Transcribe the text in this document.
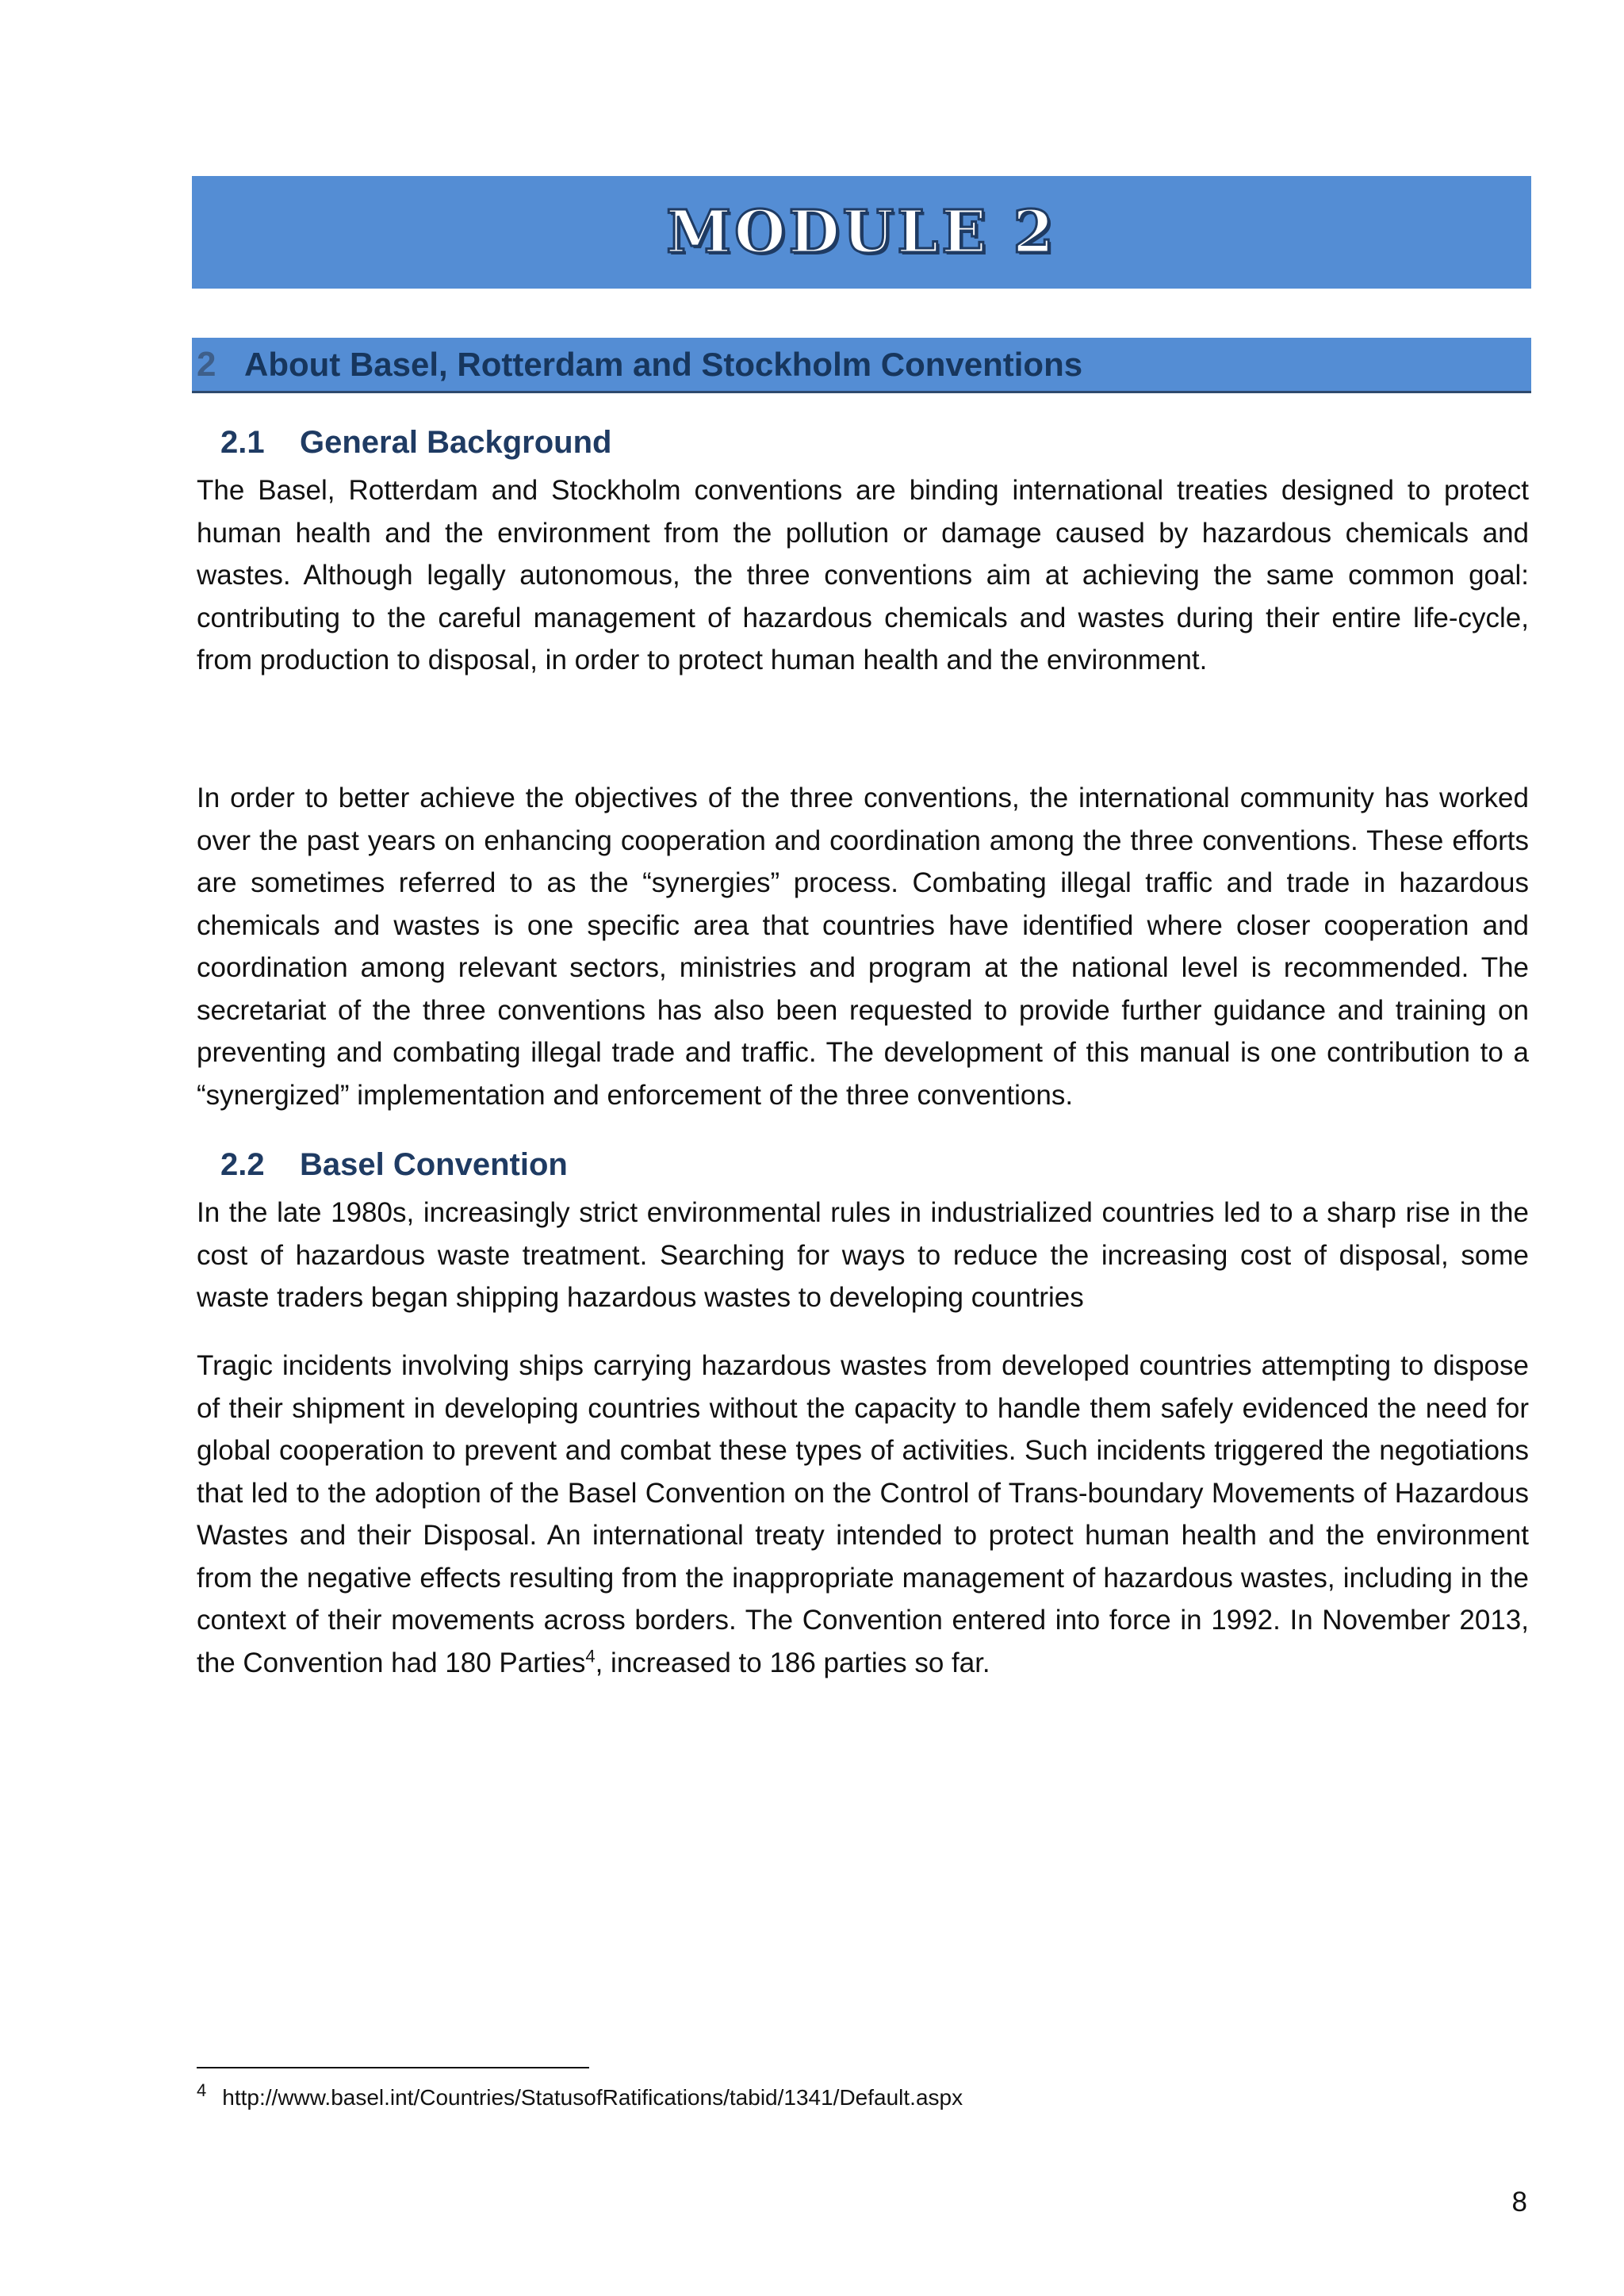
MODULE 2
2 About Basel, Rotterdam and Stockholm Conventions
2.1	General Background

The Basel, Rotterdam and Stockholm conventions are binding international treaties designed to protect human health and the environment from the pollution or damage caused by hazardous chemicals and wastes. Although legally autonomous, the three conventions aim at achieving the same common goal: contributing to the careful management of hazardous chemicals and wastes during their entire life-cycle, from production to disposal, in order to protect human health and the environment.

In order to better achieve the objectives of the three conventions, the international community has worked over the past years on enhancing cooperation and coordination among the three conventions. These efforts are sometimes referred to as the “synergies” process. Combating illegal traffic and trade in hazardous chemicals and wastes is one specific area that countries have identified where closer cooperation and coordination among relevant sectors, ministries and program at the national level is recommended. The secretariat of the three conventions has also been requested to provide further guidance and training on preventing and combating illegal trade and traffic. The development of this manual is one contribution to a “synergized” implementation and enforcement of the three conventions.

2.2	Basel Convention

In the late 1980s, increasingly strict environmental rules in industrialized countries led to a sharp rise in the cost of hazardous waste treatment. Searching for ways to reduce the increasing cost of disposal, some waste traders began shipping hazardous wastes to developing countries

Tragic incidents involving ships carrying hazardous wastes from developed countries attempting to dispose of their shipment in developing countries without the capacity to handle them safely evidenced the need for global cooperation to prevent and combat these types of activities. Such incidents triggered the negotiations that led to the adoption of the Basel Convention on the Control of Trans-boundary Movements of Hazardous Wastes and their Disposal. An international treaty intended to protect human health and the environment from the negative effects resulting from the inappropriate management of hazardous wastes, including in the context of their movements across borders. The Convention entered into force in 1992. In November 2013, the Convention had 180 Parties$^4$, increased to 186 parties so far.

4 http://www.basel.int/Countries/StatusofRatifications/tabid/1341/Default.aspx
8
